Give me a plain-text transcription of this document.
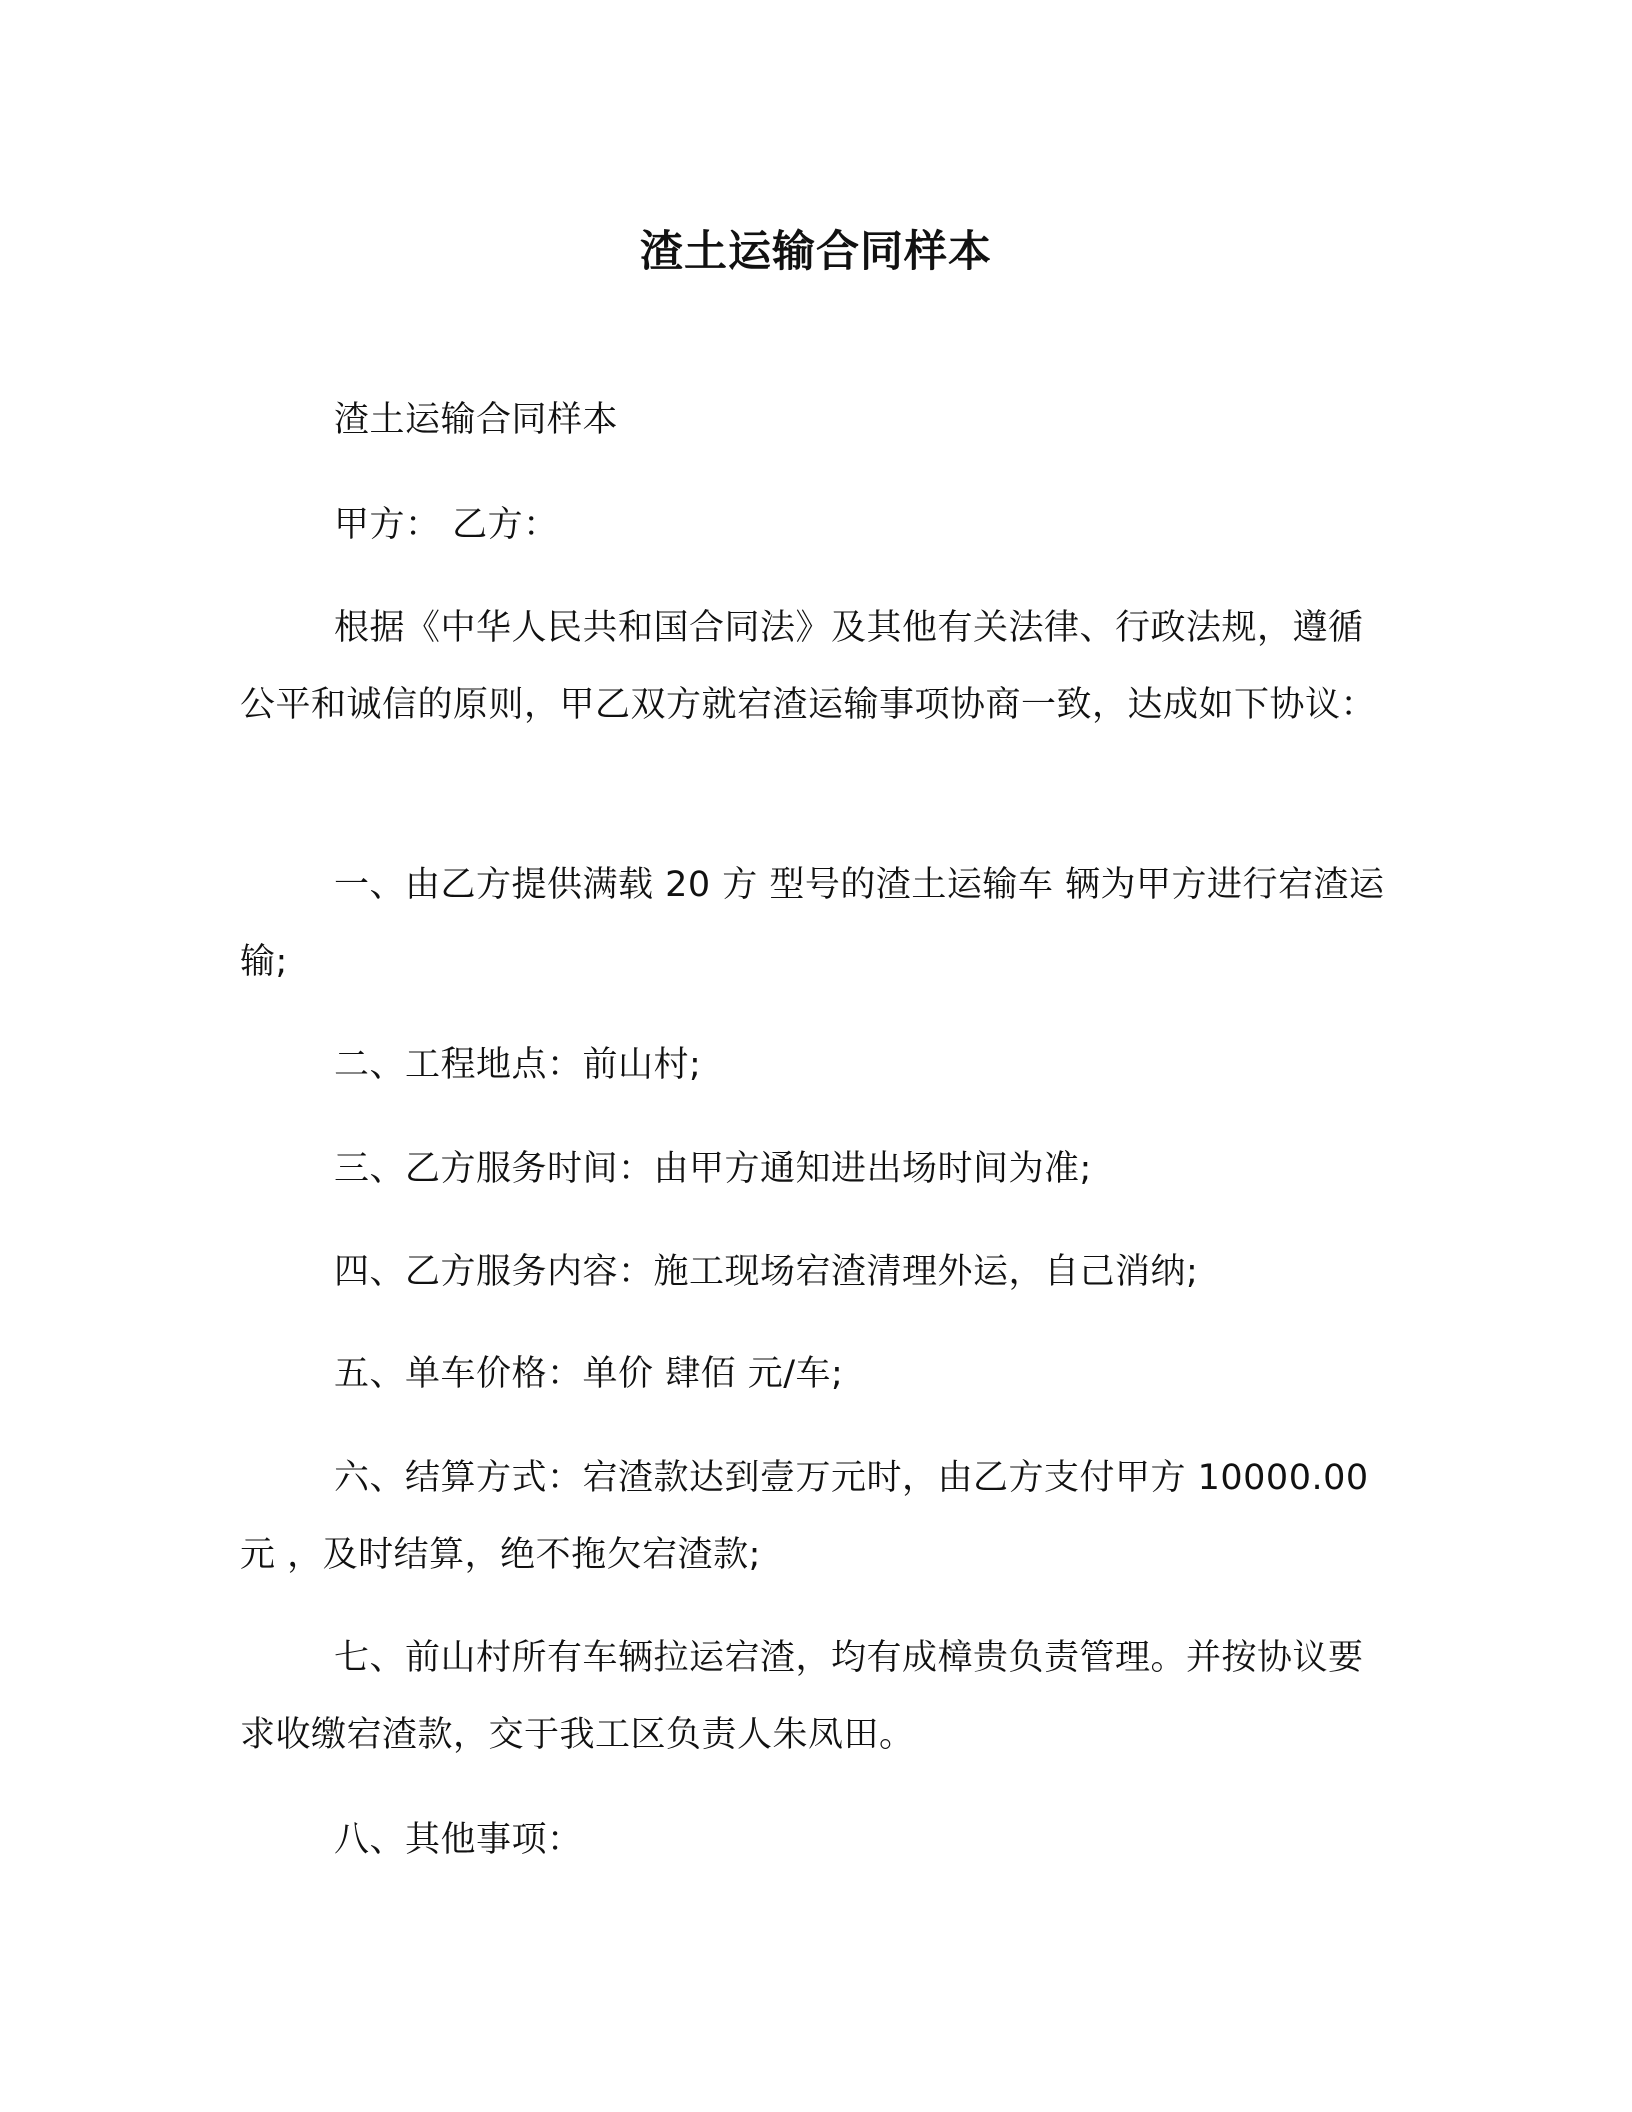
渣土运输合同样本

渣土运输合同样本

甲方： 乙方：

根据《中华人民共和国合同法》及其他有关法律、行政法规，遵循公平和诚信的原则，甲乙双方就宕渣运输事项协商一致，达成如下协议：

一、由乙方提供满载 20 方 型号的渣土运输车 辆为甲方进行宕渣运输;

二、工程地点：前山村;

三、乙方服务时间：由甲方通知进出场时间为准;

四、乙方服务内容：施工现场宕渣清理外运，自己消纳;

五、单车价格：单价 肆佰 元/车;

六、结算方式：宕渣款达到壹万元时，由乙方支付甲方 10000.00 元 ，及时结算，绝不拖欠宕渣款;

七、前山村所有车辆拉运宕渣，均有成樟贵负责管理。并按协议要求收缴宕渣款，交于我工区负责人朱凤田。

八、其他事项：
